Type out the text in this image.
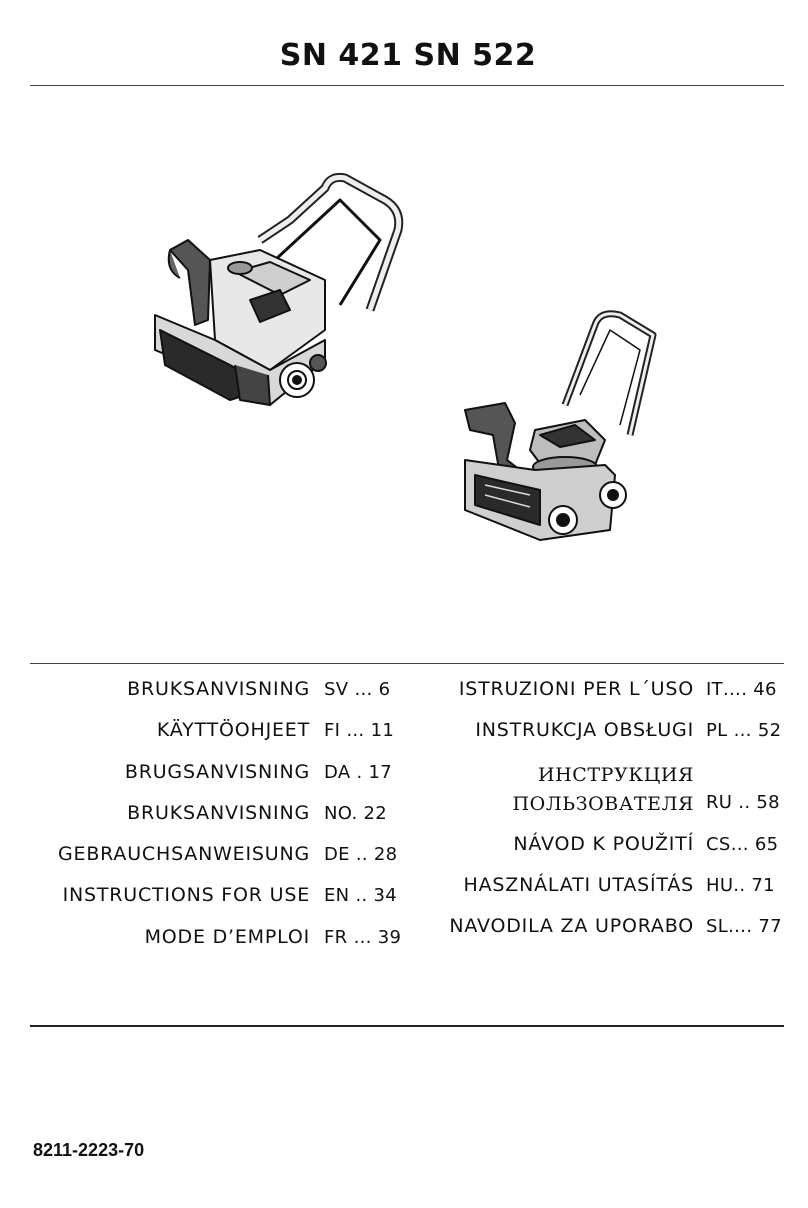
SN 421 SN 522
BRUKSANVISNING SV … 6
KÄYTTÖOHJEET FI … 11
BRUGSANVISNING DA . 17
BRUKSANVISNING NO. 22
GEBRAUCHSANWEISUNG DE .. 28
INSTRUCTIONS FOR USE EN .. 34
MODE D’EMPLOI FR … 39
ISTRUZIONI PER L´USO IT…. 46
INSTRUKCJA OBSŁUGI PL … 52
ИНСТРУКЦИЯ ПОЛЬЗОВАТЕЛЯ RU .. 58
NÁVOD K POUŽITÍ CS… 65
HASZNÁLATI UTASÍTÁS HU.. 71
NAVODILA ZA UPORABO SL…. 77
8211-2223-70
